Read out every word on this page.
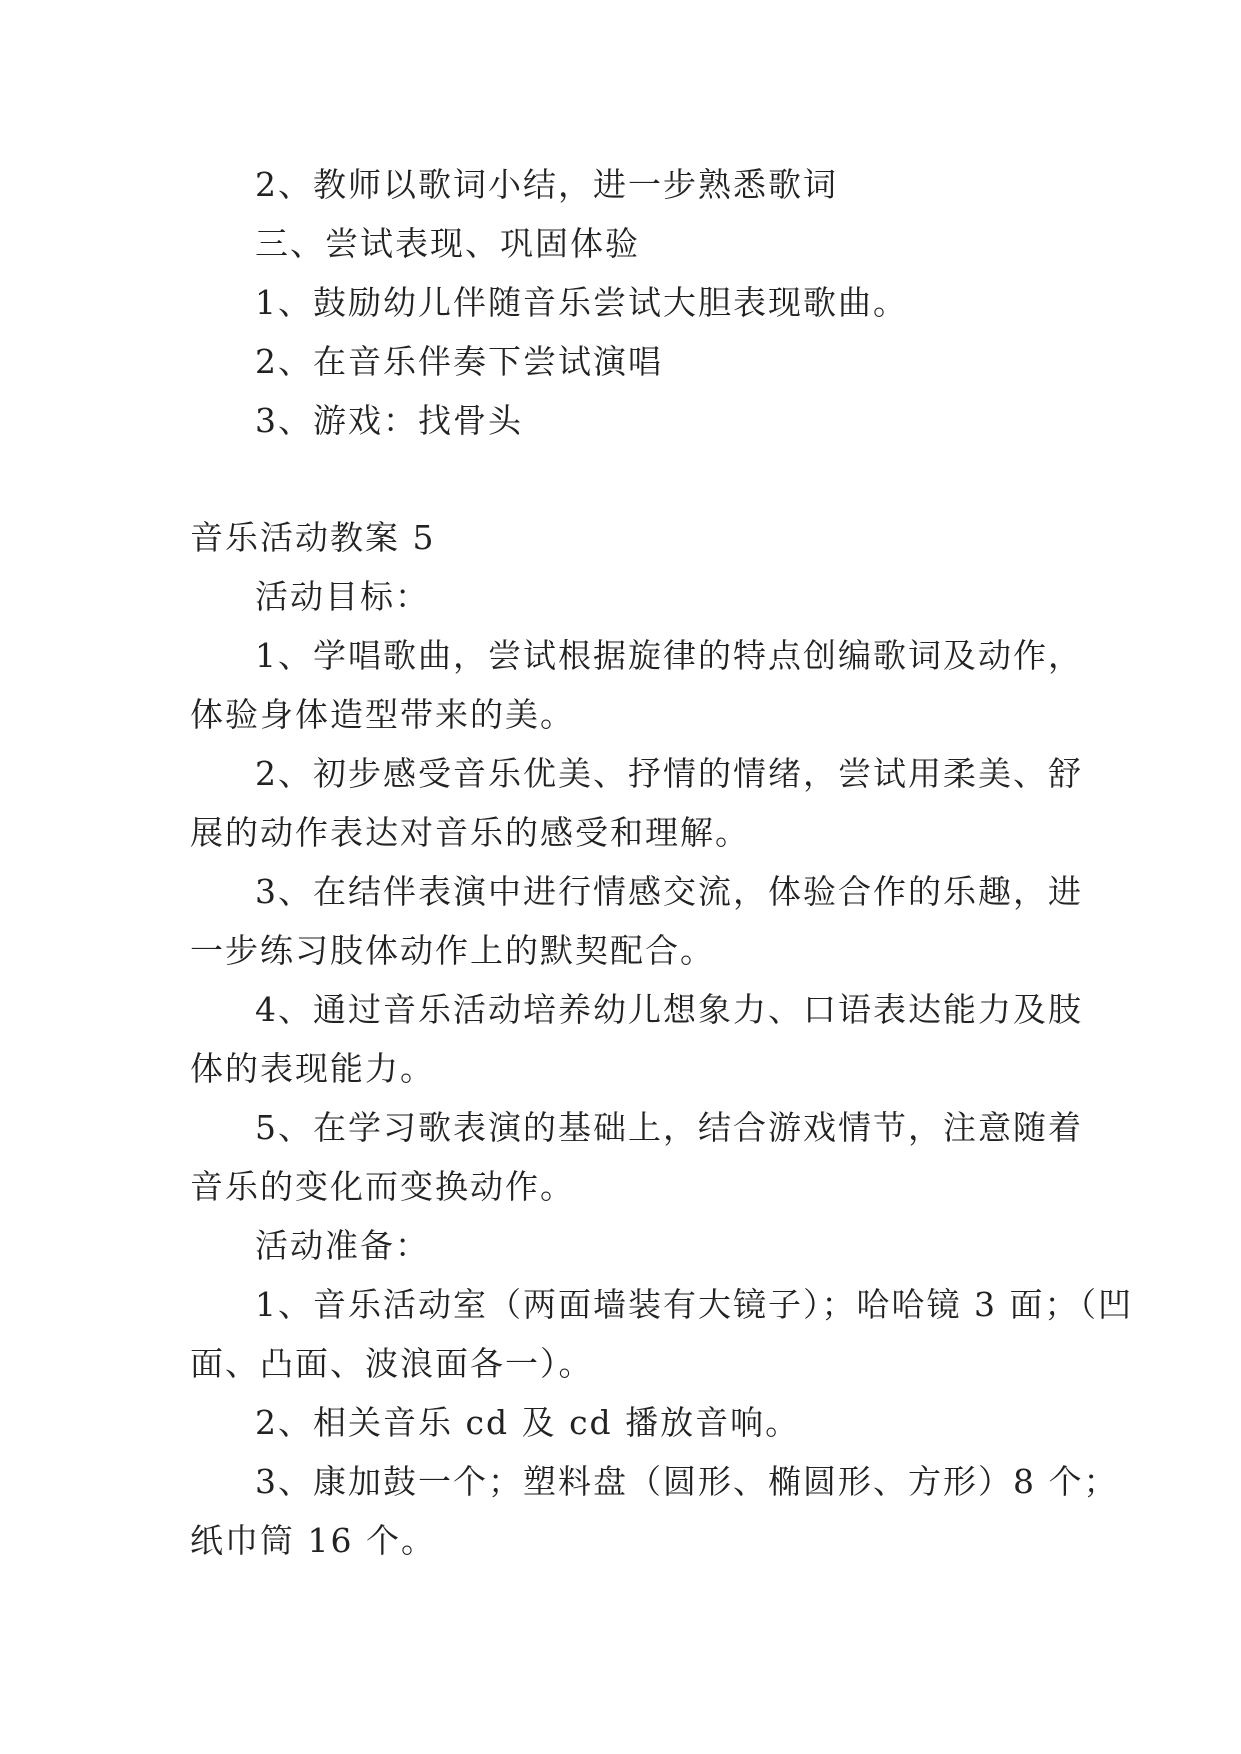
2、教师以歌词小结，进一步熟悉歌词
三、尝试表现、巩固体验
1、鼓励幼儿伴随音乐尝试大胆表现歌曲。
2、在音乐伴奏下尝试演唱
3、游戏：找骨头
音乐活动教案 5
活动目标：
1、学唱歌曲，尝试根据旋律的特点创编歌词及动作，
体验身体造型带来的美。
2、初步感受音乐优美、抒情的情绪，尝试用柔美、舒
展的动作表达对音乐的感受和理解。
3、在结伴表演中进行情感交流，体验合作的乐趣，进
一步练习肢体动作上的默契配合。
4、通过音乐活动培养幼儿想象力、口语表达能力及肢
体的表现能力。
5、在学习歌表演的基础上，结合游戏情节，注意随着
音乐的变化而变换动作。
活动准备：
1、音乐活动室（两面墙装有大镜子）；哈哈镜 3 面；（凹
面、凸面、波浪面各一）。
2、相关音乐 cd 及 cd 播放音响。
3、康加鼓一个；塑料盘（圆形、椭圆形、方形）8 个；
纸巾筒 16 个。
